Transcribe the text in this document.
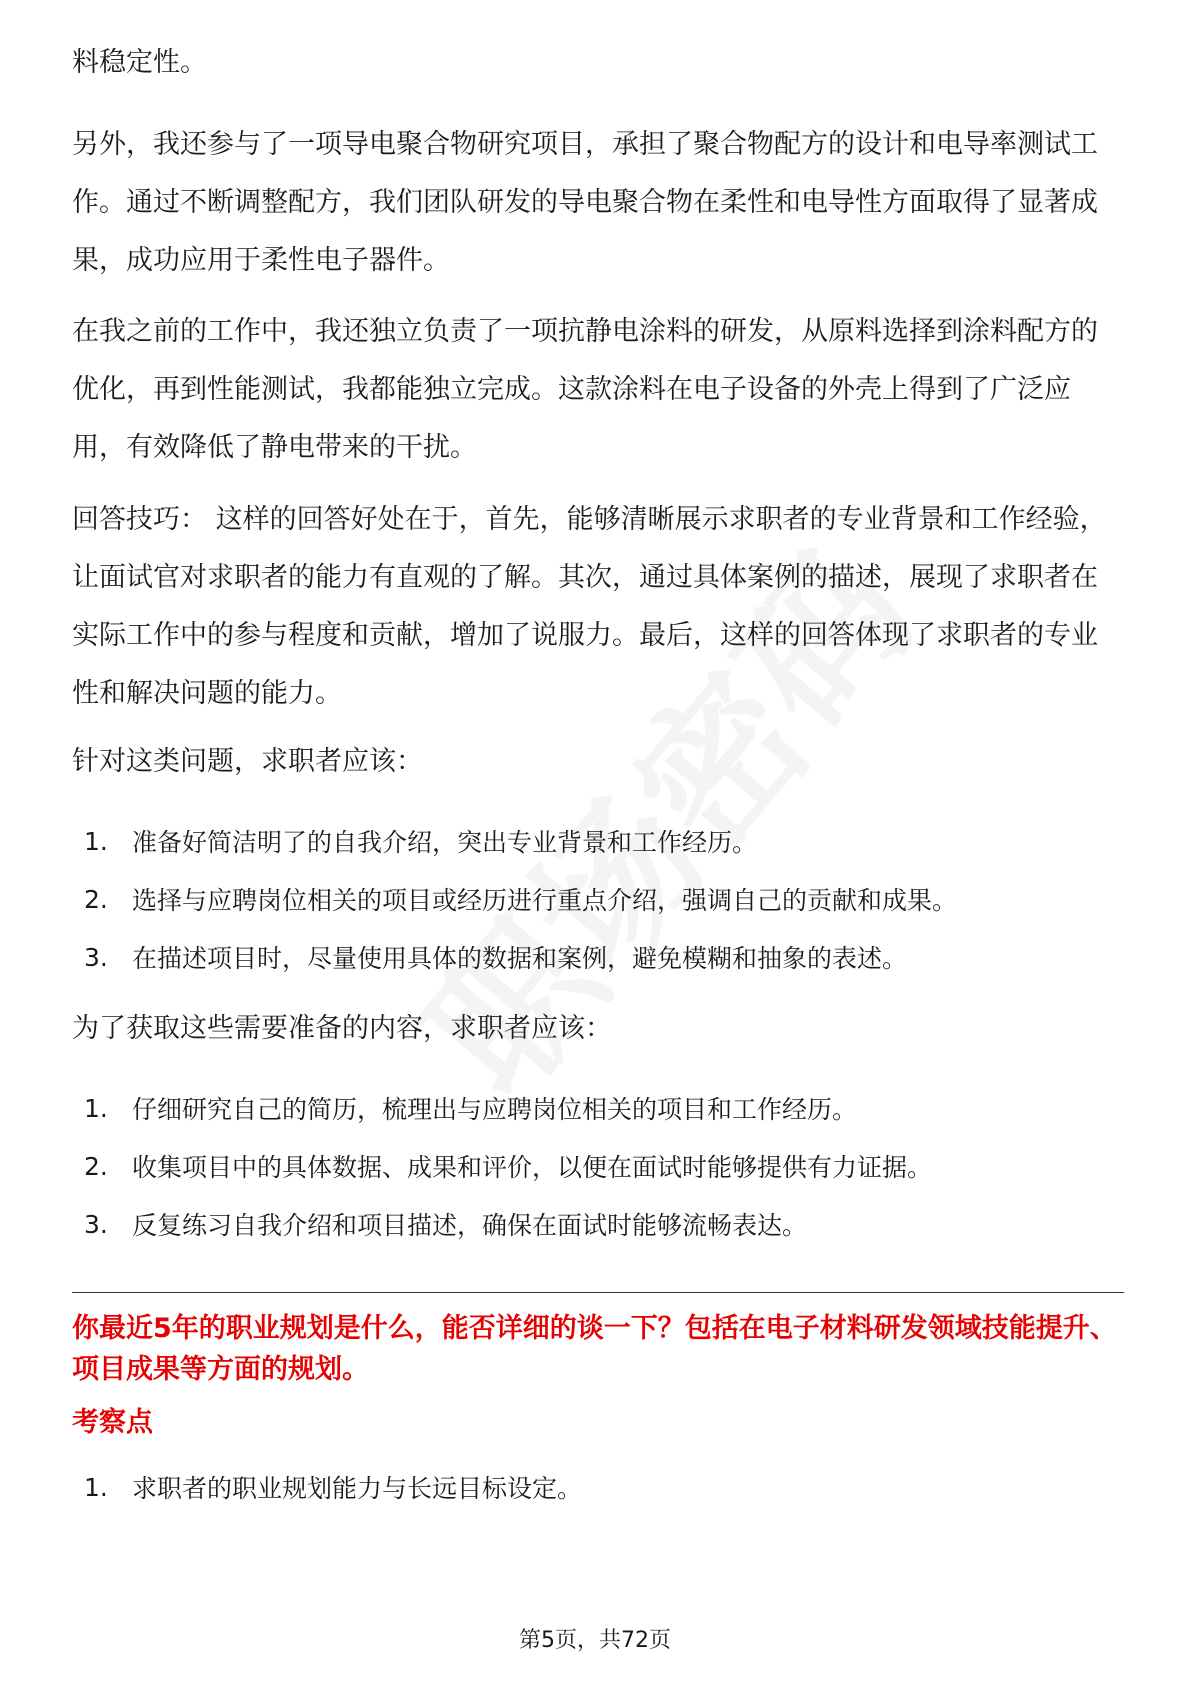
料稳定性。

另外，我还参与了一项导电聚合物研究项目，承担了聚合物配方的设计和电导率测试工作。通过不断调整配方，我们团队研发的导电聚合物在柔性和电导性方面取得了显著成果，成功应用于柔性电子器件。

在我之前的工作中，我还独立负责了一项抗静电涂料的研发，从原料选择到涂料配方的优化，再到性能测试，我都能独立完成。这款涂料在电子设备的外壳上得到了广泛应用，有效降低了静电带来的干扰。

回答技巧： 这样的回答好处在于，首先，能够清晰展示求职者的专业背景和工作经验，让面试官对求职者的能力有直观的了解。其次，通过具体案例的描述，展现了求职者在实际工作中的参与程度和贡献，增加了说服力。最后，这样的回答体现了求职者的专业性和解决问题的能力。

针对这类问题，求职者应该：

1. 准备好简洁明了的自我介绍，突出专业背景和工作经历。
2. 选择与应聘岗位相关的项目或经历进行重点介绍，强调自己的贡献和成果。
3. 在描述项目时，尽量使用具体的数据和案例，避免模糊和抽象的表述。

为了获取这些需要准备的内容，求职者应该：

1. 仔细研究自己的简历，梳理出与应聘岗位相关的项目和工作经历。
2. 收集项目中的具体数据、成果和评价，以便在面试时能够提供有力证据。
3. 反复练习自我介绍和项目描述，确保在面试时能够流畅表达。

你最近5年的职业规划是什么，能否详细的谈一下？包括在电子材料研发领域技能提升、项目成果等方面的规划。

考察点

1. 求职者的职业规划能力与长远目标设定。
第5页，共72页
